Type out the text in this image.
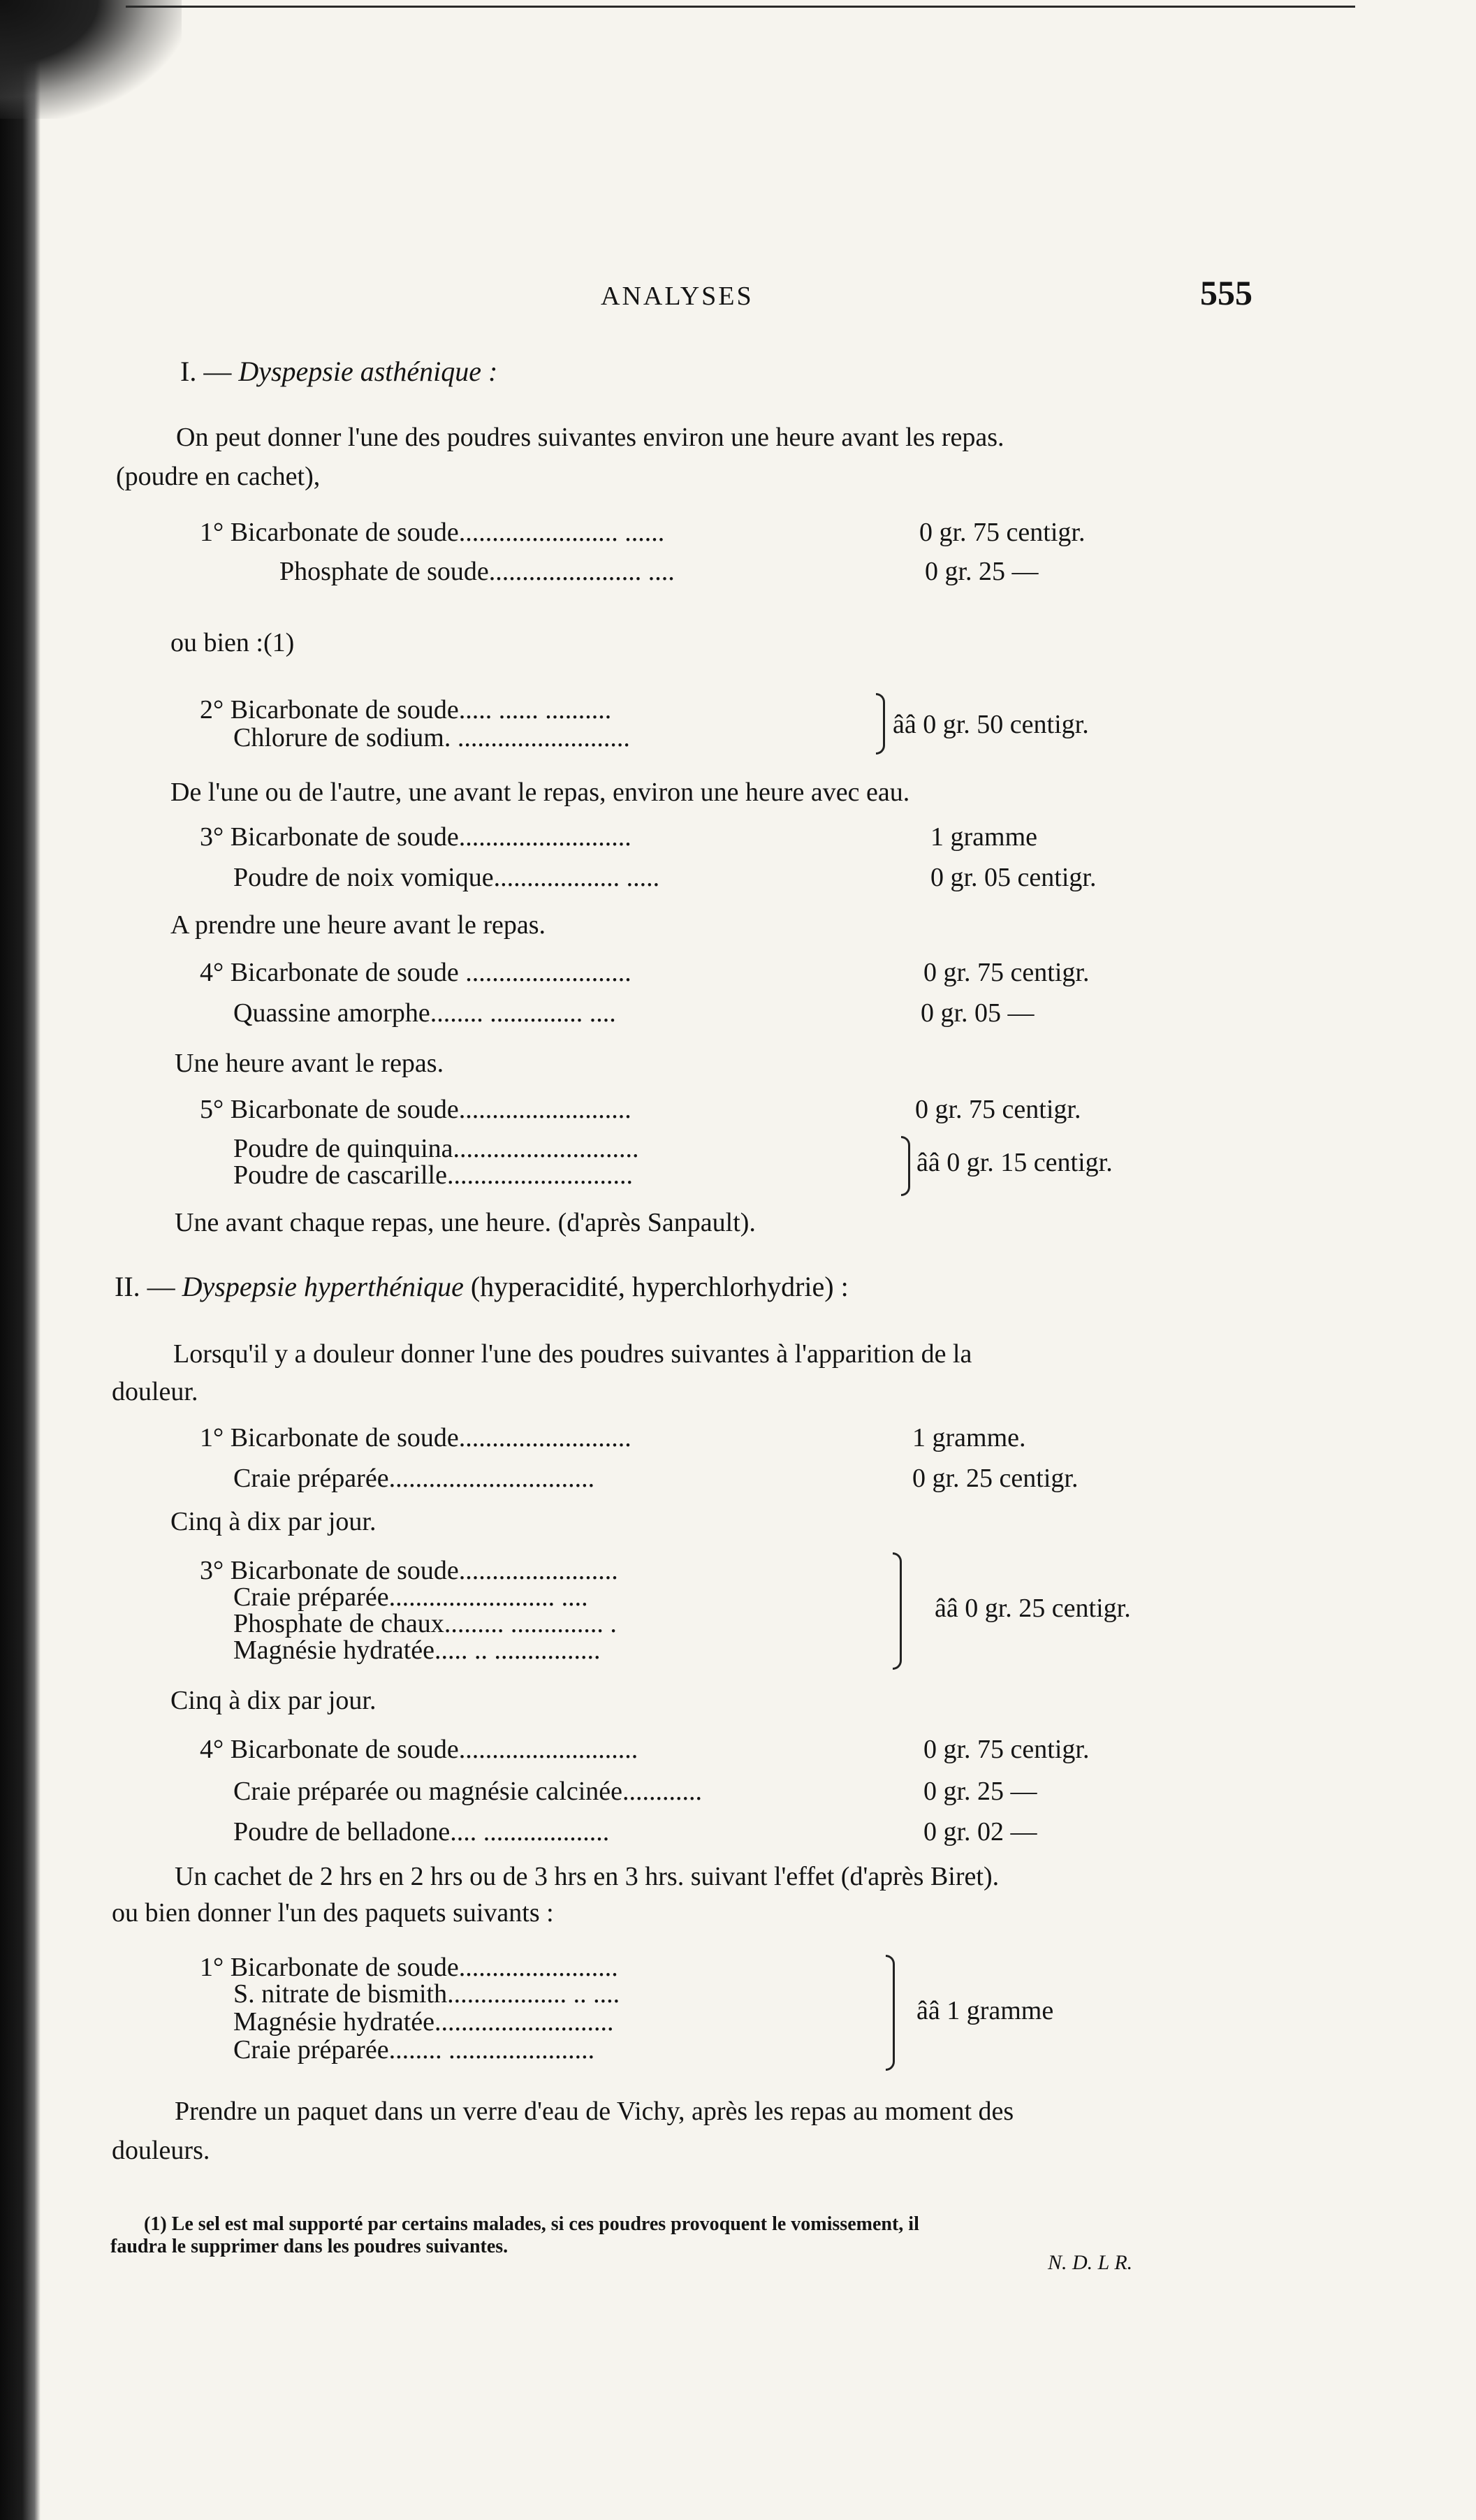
ANALYSES	555
I. — Dyspepsie asthénique :
On peut donner l'une des poudres suivantes environ une heure avant les repas.
(poudre en cachet),
1° Bicarbonate de soude........................ ......	0 gr. 75 centigr.
Phosphate de soude....................... ....	0 gr. 25 —
ou bien :(1)
2° Bicarbonate de soude..... ...... ..........
Chlorure de sodium. ..........................	ââ 0 gr. 50 centigr.
De l'une ou de l'autre, une avant le repas, environ une heure avec eau.
3° Bicarbonate de soude..........................	1 gramme
Poudre de noix vomique................... .....	0 gr. 05 centigr.
A prendre une heure avant le repas.
4° Bicarbonate de soude .........................	0 gr. 75 centigr.
Quassine amorphe........ .............. ....	0 gr. 05 —
Une heure avant le repas.
5° Bicarbonate de soude..........................	0 gr. 75 centigr.
Poudre de quinquina............................
Poudre de cascarille............................	ââ 0 gr. 15 centigr.
Une avant chaque repas, une heure. (d'après Sanpault).
II. — Dyspepsie hyperthénique (hyperacidité, hyperchlorhydrie) :
Lorsqu'il y a douleur donner l'une des poudres suivantes à l'apparition de la
douleur.
1° Bicarbonate de soude..........................	1 gramme.
Craie préparée...............................	0 gr. 25 centigr.
Cinq à dix par jour.
3° Bicarbonate de soude........................
Craie préparée......................... ....
Phosphate de chaux......... .............. .
Magnésie hydratée..... .. ................
ââ 0 gr. 25 centigr.
Cinq à dix par jour.
4° Bicarbonate de soude...........................	0 gr. 75 centigr.
Craie préparée ou magnésie calcinée............	0 gr. 25 —
Poudre de belladone.... ...................	0 gr. 02 —
Un cachet de 2 hrs en 2 hrs ou de 3 hrs en 3 hrs. suivant l'effet (d'après Biret).
ou bien donner l'un des paquets suivants :
1° Bicarbonate de soude........................
S. nitrate de bismith.................. .. ....
Magnésie hydratée...........................
Craie préparée........ ......................
ââ 1 gramme
Prendre un paquet dans un verre d'eau de Vichy, après les repas au moment des
douleurs.
(1) Le sel est mal supporté par certains malades, si ces poudres provoquent le vomissement, il
faudra le supprimer dans les poudres suivantes.
N. D. L R.
